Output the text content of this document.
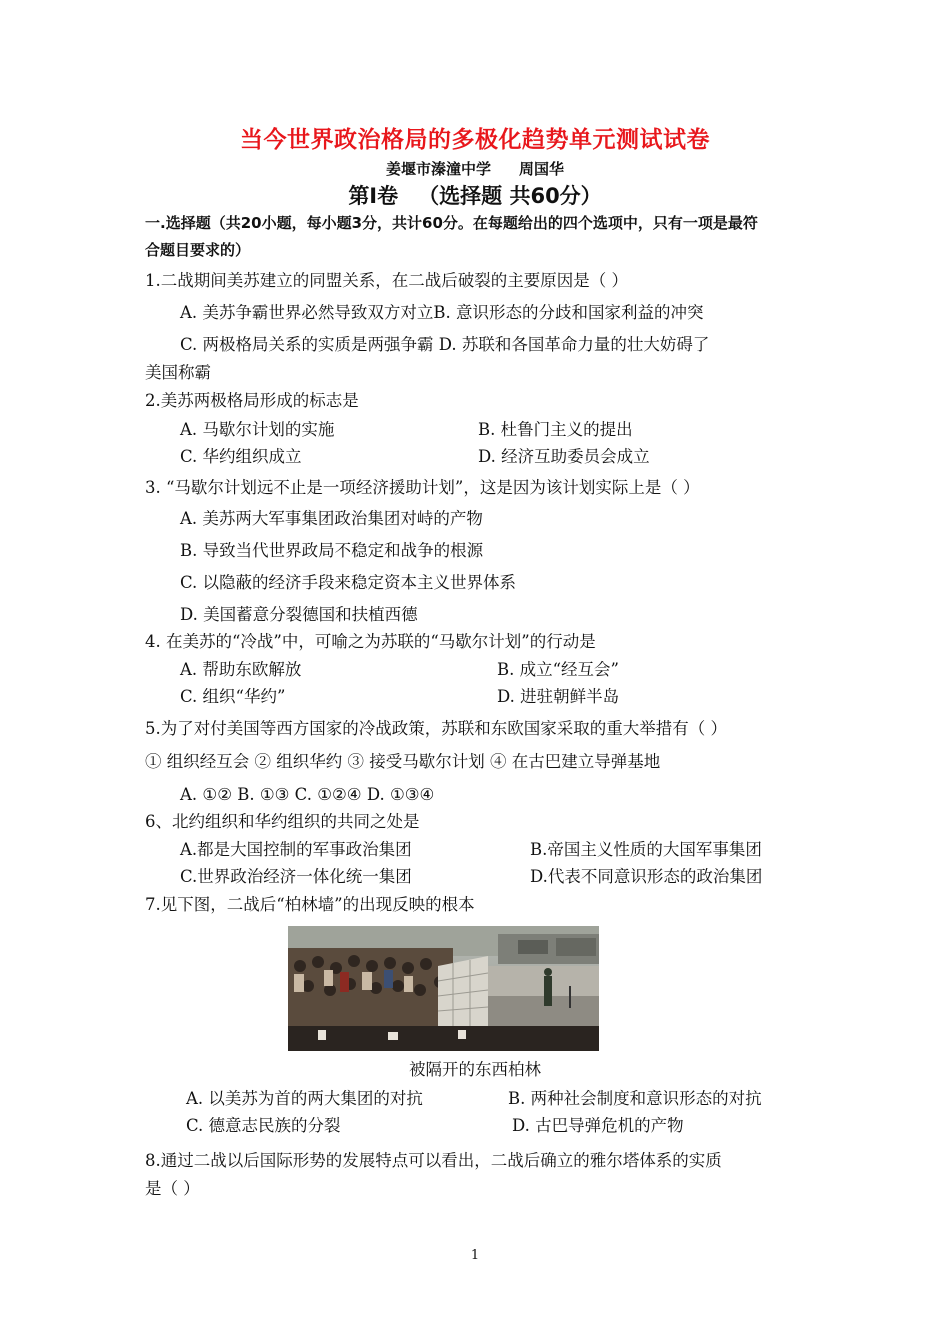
当今世界政治格局的多极化趋势单元测试试卷
姜堰市溱潼中学 周国华
第Ⅰ卷 （选择题 共60分）
一.选择题（共20小题，每小题3分，共计60分。在每题给出的四个选项中，只有一项是最符
合题目要求的）
1.二战期间美苏建立的同盟关系，在二战后破裂的主要原因是（ ）
A. 美苏争霸世界必然导致双方对立B. 意识形态的分歧和国家利益的冲突
C. 两极格局关系的实质是两强争霸 D. 苏联和各国革命力量的壮大妨碍了
美国称霸
2.美苏两极格局形成的标志是
A. 马歇尔计划的实施	B. 杜鲁门主义的提出
C. 华约组织成立	D. 经济互助委员会成立
3. “马歇尔计划远不止是一项经济援助计划”，这是因为该计划实际上是（ ）
A. 美苏两大军事集团政治集团对峙的产物
B. 导致当代世界政局不稳定和战争的根源
C. 以隐蔽的经济手段来稳定资本主义世界体系
D. 美国蓄意分裂德国和扶植西德
4. 在美苏的“冷战”中，可喻之为苏联的“马歇尔计划”的行动是
A. 帮助东欧解放	B. 成立“经互会”
C. 组织“华约”	D. 进驻朝鲜半岛
5.为了对付美国等西方国家的冷战政策，苏联和东欧国家采取的重大举措有（ ）
① 组织经互会 ② 组织华约 ③ 接受马歇尔计划 ④ 在古巴建立导弹基地
A. ①② B. ①③ C. ①②④ D. ①③④
6、北约组织和华约组织的共同之处是
A.都是大国控制的军事政治集团	B.帝国主义性质的大国军事集团
C.世界政治经济一体化统一集团	D.代表不同意识形态的政治集团
7.见下图，二战后“柏林墙”的出现反映的根本
被隔开的东西柏林
A. 以美苏为首的两大集团的对抗	B. 两种社会制度和意识形态的对抗
C. 德意志民族的分裂	D. 古巴导弹危机的产物
8.通过二战以后国际形势的发展特点可以看出，二战后确立的雅尔塔体系的实质
是（ ）
1
